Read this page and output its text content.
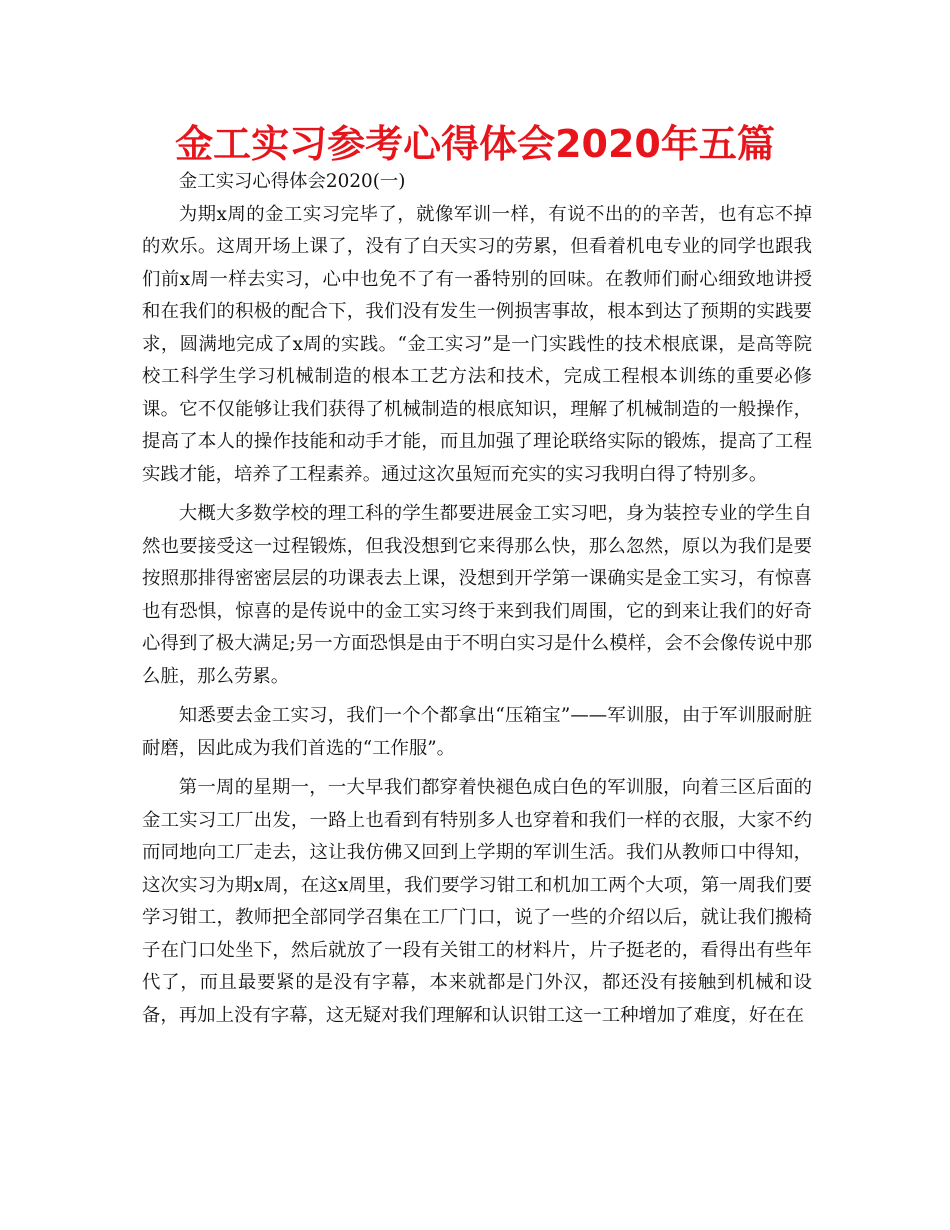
金工实习参考心得体会2020年五篇

金工实习心得体会2020(一)

为期x周的金工实习完毕了，就像军训一样，有说不出的的辛苦，也有忘不掉的欢乐。这周开场上课了，没有了白天实习的劳累，但看着机电专业的同学也跟我们前x周一样去实习，心中也免不了有一番特别的回味。在教师们耐心细致地讲授和在我们的积极的配合下，我们没有发生一例损害事故，根本到达了预期的实践要求，圆满地完成了x周的实践。“金工实习”是一门实践性的技术根底课，是高等院校工科学生学习机械制造的根本工艺方法和技术，完成工程根本训练的重要必修课。它不仅能够让我们获得了机械制造的根底知识，理解了机械制造的一般操作，提高了本人的操作技能和动手才能，而且加强了理论联络实际的锻炼，提高了工程实践才能，培养了工程素养。通过这次虽短而充实的实习我明白得了特别多。

大概大多数学校的理工科的学生都要进展金工实习吧，身为装控专业的学生自然也要接受这一过程锻炼，但我没想到它来得那么快，那么忽然，原以为我们是要按照那排得密密层层的功课表去上课，没想到开学第一课确实是金工实习，有惊喜也有恐惧，惊喜的是传说中的金工实习终于来到我们周围，它的到来让我们的好奇心得到了极大满足;另一方面恐惧是由于不明白实习是什么模样，会不会像传说中那么脏，那么劳累。

知悉要去金工实习，我们一个个都拿出“压箱宝”——军训服，由于军训服耐脏耐磨，因此成为我们首选的“工作服”。

第一周的星期一，一大早我们都穿着快褪色成白色的军训服，向着三区后面的金工实习工厂出发，一路上也看到有特别多人也穿着和我们一样的衣服，大家不约而同地向工厂走去，这让我仿佛又回到上学期的军训生活。我们从教师口中得知，这次实习为期x周，在这x周里，我们要学习钳工和机加工两个大项，第一周我们要学习钳工，教师把全部同学召集在工厂门口，说了一些的介绍以后，就让我们搬椅子在门口处坐下，然后就放了一段有关钳工的材料片，片子挺老的，看得出有些年代了，而且最要紧的是没有字幕，本来就都是门外汉，都还没有接触到机械和设备，再加上没有字幕，这无疑对我们理解和认识钳工这一工种增加了难度，好在在
